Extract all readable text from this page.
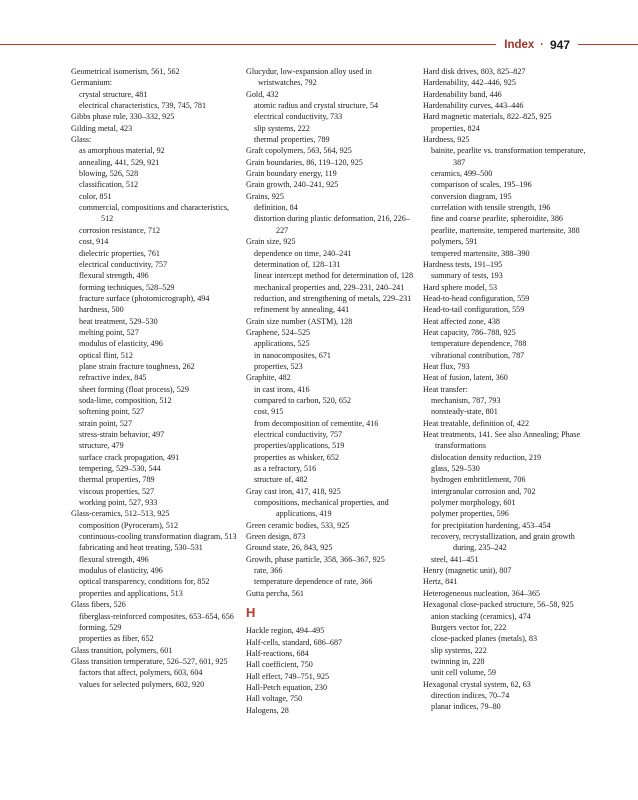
Index · 947
Geometrical isomerism, 561, 562
Germanium:
crystal structure, 481
electrical characteristics, 739, 745, 781
Gibbs phase rule, 330–332, 925
Gilding metal, 423
Glass:
as amorphous material, 92
annealing, 441, 529, 921
blowing, 526, 528
classification, 512
color, 851
commercial, compositions and characteristics, 512
corrosion resistance, 712
cost, 914
dielectric properties, 761
electrical conductivity, 757
flexural strength, 496
forming techniques, 528–529
fracture surface (photomicrograph), 494
hardness, 500
heat treatment, 529–530
melting point, 527
modulus of elasticity, 496
optical flint, 512
plane strain fracture toughness, 262
refractive index, 845
sheet forming (float process), 529
soda-lime, composition, 512
softening point, 527
strain point, 527
stress-strain behavior, 497
structure, 479
surface crack propagation, 491
tempering, 529–530, 544
thermal properties, 789
viscous properties, 527
working point, 527, 933
Glass-ceramics, 512–513, 925
composition (Pyroceram), 512
continuous-cooling transformation diagram, 513
fabricating and heat treating, 530–531
flexural strength, 496
modulus of elasticity, 496
optical transparency, conditions for, 852
properties and applications, 513
Glass fibers, 526
fiberglass-reinforced composites, 653–654, 656
forming, 529
properties as fiber, 652
Glass transition, polymers, 601
Glass transition temperature, 526–527, 601, 925
factors that affect, polymers, 603, 604
values for selected polymers, 602, 920
Glucydur, low-expansion alloy used in wristwatches, 792
Gold, 432
atomic radius and crystal structure, 54
electrical conductivity, 733
slip systems, 222
thermal properties, 789
Graft copolymers, 563, 564, 925
Grain boundaries, 86, 119–120, 925
Grain boundary energy, 119
Grain growth, 240–241, 925
Grains, 925
definition, 84
distortion during plastic deformation, 216, 226–227
Grain size, 925
dependence on time, 240–241
determination of, 128–131
linear intercept method for determination of, 128
mechanical properties and, 229–231, 240–241
reduction, and strengthening of metals, 229–231
refinement by annealing, 441
Grain size number (ASTM), 128
Graphene, 524–525
applications, 525
in nanocomposites, 671
properties, 523
Graphite, 482
in cast irons, 416
compared to carbon, 520, 652
cost, 915
from decomposition of cementite, 416
electrical conductivity, 757
properties/applications, 519
properties as whisker, 652
as a refractory, 516
structure of, 482
Gray cast iron, 417, 418, 925
compositions, mechanical properties, and applications, 419
Green ceramic bodies, 533, 925
Green design, 873
Ground state, 26, 843, 925
Growth, phase particle, 358, 366–367, 925
rate, 366
temperature dependence of rate, 366
Gutta percha, 561
H
Hackle region, 494–495
Half-cells, standard, 686–687
Half-reactions, 684
Hall coefficient, 750
Hall effect, 749–751, 925
Hall-Petch equation, 230
Hall voltage, 750
Halogens, 28
Hard disk drives, 803, 825–827
Hardenability, 442–446, 925
Hardenability band, 446
Hardenability curves, 443–446
Hard magnetic materials, 822–825, 925
properties, 824
Hardness, 925
bainite, pearlite vs. transformation temperature, 387
ceramics, 499–500
comparison of scales, 195–196
conversion diagram, 195
correlation with tensile strength, 196
fine and coarse pearlite, spheroidite, 386
pearlite, martensite, tempered martensite, 388
polymers, 591
tempered martensite, 388–390
Hardness tests, 191–195
summary of tests, 193
Hard sphere model, 53
Head-to-head configuration, 559
Head-to-tail configuration, 559
Heat affected zone, 438
Heat capacity, 786–788, 925
temperature dependence, 788
vibrational contribution, 787
Heat flux, 793
Heat of fusion, latent, 360
Heat transfer:
mechanism, 787, 793
nonsteady-state, 801
Heat treatable, definition of, 422
Heat treatments, 141. See also Annealing; Phase transformations
dislocation density reduction, 219
glass, 529–530
hydrogen embrittlement, 706
intergranular corrosion and, 702
polymer morphology, 601
polymer properties, 596
for precipitation hardening, 453–454
recovery, recrystallization, and grain growth during, 235–242
steel, 441–451
Henry (magnetic unit), 807
Hertz, 841
Heterogeneous nucleation, 364–365
Hexagonal close-packed structure, 56–58, 925
anion stacking (ceramics), 474
Burgers vector for, 222
close-packed planes (metals), 83
slip systems, 222
twinning in, 228
unit cell volume, 59
Hexagonal crystal system, 62, 63
direction indices, 70–74
planar indices, 79–80
